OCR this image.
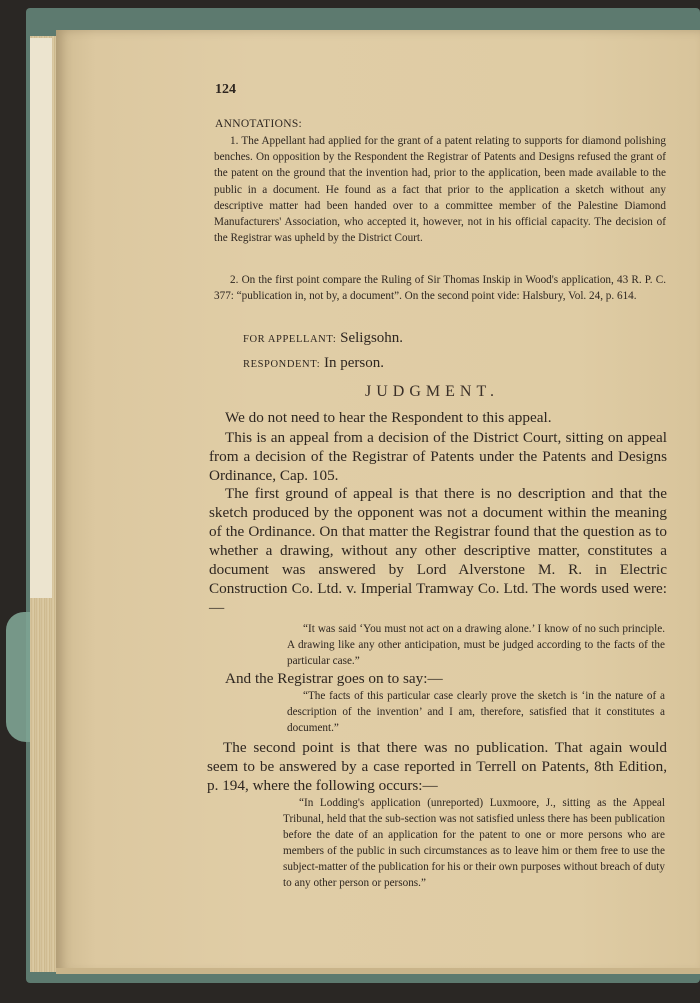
124
ANNOTATIONS:
1. The Appellant had applied for the grant of a patent relating to supports for diamond polishing benches. On opposition by the Respondent the Registrar of Patents and Designs refused the grant of the patent on the ground that the invention had, prior to the application, been made available to the public in a document. He found as a fact that prior to the application a sketch without any descriptive matter had been handed over to a committee member of the Palestine Diamond Manufacturers' Association, who accepted it, however, not in his official capacity. The decision of the Registrar was upheld by the District Court.
2. On the first point compare the Ruling of Sir Thomas Inskip in Wood's application, 43 R. P. C. 377: “publication in, not by, a document”. On the second point vide: Halsbury, Vol. 24, p. 614.
FOR APPELLANT: Seligsohn.
RESPONDENT: In person.
JUDGMENT.
We do not need to hear the Respondent to this appeal.
This is an appeal from a decision of the District Court, sitting on appeal from a decision of the Registrar of Patents under the Patents and Designs Ordinance, Cap. 105.
The first ground of appeal is that there is no description and that the sketch produced by the opponent was not a document within the meaning of the Ordinance. On that matter the Registrar found that the question as to whether a drawing, without any other descriptive matter, constitutes a document was answered by Lord Alverstone M. R. in Electric Construction Co. Ltd. v. Imperial Tramway Co. Ltd. The words used were:—
“It was said ‘You must not act on a drawing alone.’ I know of no such principle. A drawing like any other anticipation, must be judged according to the facts of the particular case.”
And the Registrar goes on to say:—
“The facts of this particular case clearly prove the sketch is ‘in the nature of a description of the invention’ and I am, therefore, satisfied that it constitutes a document.”
The second point is that there was no publication. That again would seem to be answered by a case reported in Terrell on Patents, 8th Edition, p. 194, where the following occurs:—
“In Lodding's application (unreported) Luxmoore, J., sitting as the Appeal Tribunal, held that the sub-section was not satisfied unless there has been publication before the date of an application for the patent to one or more persons who are members of the public in such circumstances as to leave him or them free to use the subject-matter of the publication for his or their own purposes without breach of duty to any other person or persons.”
